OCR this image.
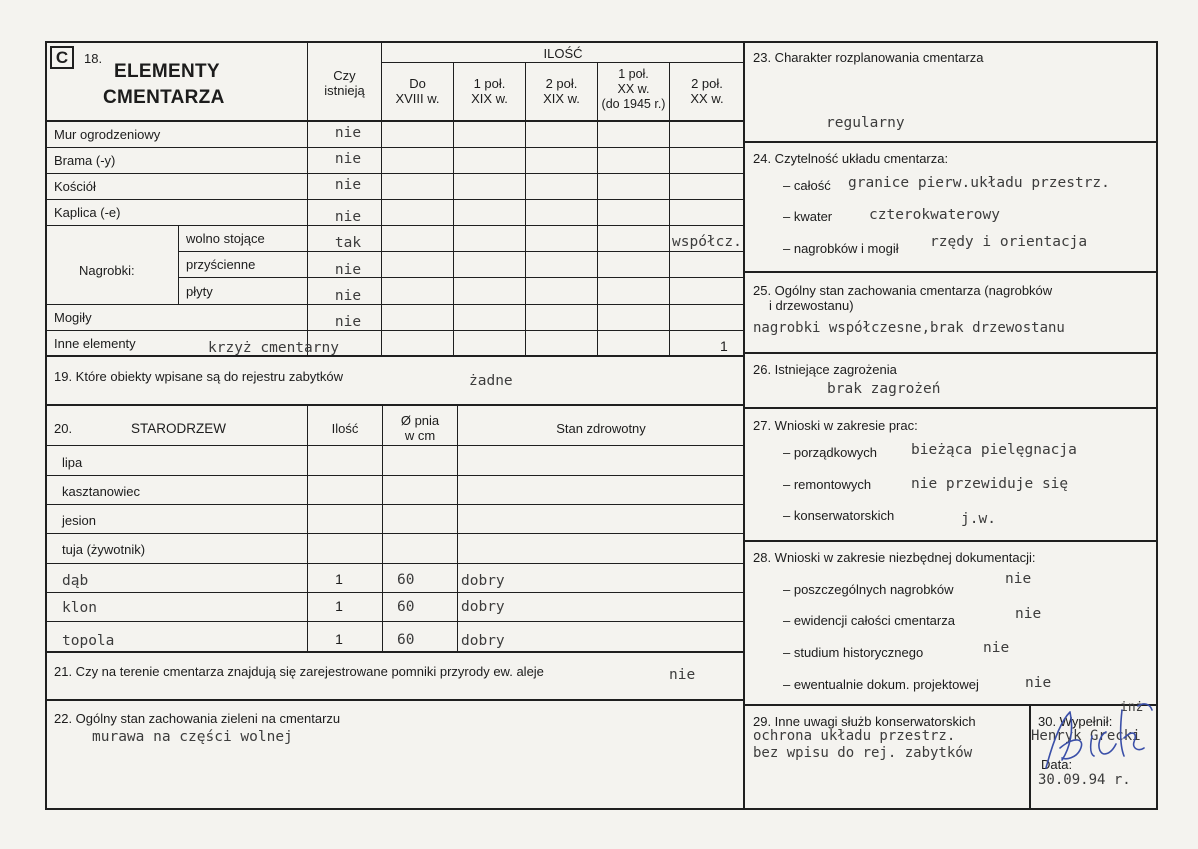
C	18.
ELEMENTY
CMENTARZA
Czy
istnieją
ILOŚĆ
Do
XVIII w.
1 poł.
XIX w.
2 poł.
XIX w.
1 poł.
XX w.
(do 1945 r.)
2 poł.
XX w.
Mur ogrodzeniowy	nie
Brama (-y)	nie
Kościół	nie
Kaplica (-e)	nie
Nagrobki:
wolno stojące	tak	współcz.
przyścienne	nie
płyty	nie
Mogiły	nie
Inne elementy	krzyż cmentarny	1
19. Które obiekty wpisane są do rejestru zabytków	żadne
20.	STARODRZEW	Ilość
Ø pnia
w cm	Stan zdrowotny
lipa
kasztanowiec
jesion
tuja (żywotnik)
dąb	1	60	dobry
klon	1	60	dobry
topola	1	60	dobry
21. Czy na terenie cmentarza znajdują się zarejestrowane pomniki przyrody ew. aleje	nie
22. Ogólny stan zachowania zieleni na cmentarzu
murawa na części wolnej
23. Charakter rozplanowania cmentarza
regularny
24. Czytelność układu cmentarza:
– całość granice pierw.układu przestrz.
– kwater	czterokwaterowy
– nagrobków i mogił rzędy i orientacja
25. Ogólny stan zachowania cmentarza (nagrobków
i drzewostanu)
nagrobki współczesne,brak drzewostanu
26. Istniejące zagrożenia
brak zagrożeń
27. Wnioski w zakresie prac:
– porządkowych bieżąca pielęgnacja
– remontowych	nie przewiduje się
– konserwatorskich	j.w.
28. Wnioski w zakresie niezbędnej dokumentacji:
– poszczególnych nagrobków
nie
– ewidencji całości cmentarza	nie
– studium historycznego	nie
– ewentualnie dokum. projektowej	nie
29. Inne uwagi służb konserwatorskich
ochrona układu przestrz.
bez wpisu do rej. zabytków
30. Wypełnił:
inż
Henryk Grecki
Data:
30.09.94 r.
